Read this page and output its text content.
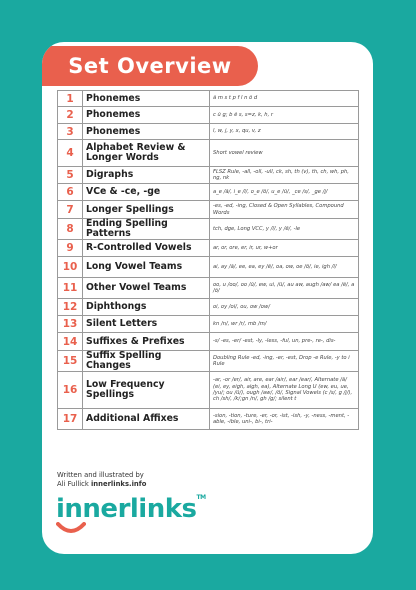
Set Overview
1	Phonemes	ă m s t p f l n ŏ d
2	Phonemes	c ŭ g; b ĕ s, s=z, k, h, r
3	Phonemes	ĭ, w, j, y, x, qu, v, z
4	Alphabet Review & Longer Words	Short vowel review
5	Digraphs	FLSZ Rule, -all, -oll, -ull, ck, sh, th (v), th, ch, wh, ph, ng, nk
6	VCe & -ce, -ge	a_e /ā/, i_e /ī/, o_e /ō/, u_e /ū/, _ce /s/, _ge /j/
7	Longer Spellings	-es, -ed, -ing, Closed & Open Syllables, Compound Words
8	Ending Spelling Patterns	tch, dge, Long VCC, y /ī/, y /ē/, -le
9	R-Controlled Vowels	ar, or, ore, er, ir, ur, w+or
10	Long Vowel Teams	ai, ay /ā/, ee, ea, ey /ē/, oa, ow, oe /ō/, ie, igh /ī/
11	Other Vowel Teams	oo, u /oo/, oo /ū/, ew, ui, /ū/, au aw, augh /aw/ ea /ĕ/, a /ŏ/
12	Diphthongs	oi, oy /oi/, ou, ow /ow/
13	Silent Letters	kn /n/, wr /r/, mb /m/
14	Suffixes & Prefixes	-s/ -es, -er/ -est, -ly, -less, -ful, un, pre-, re-, dis-
15	Suffix Spelling Changes	Doubling Rule -ed, -ing, -er, -est, Drop -e Rule, -y to i Rule
16	Low Frequency Spellings	-ar, -or /er/, air, are, ear /air/, ear /ear/, Alternate /ā/ (ei, ey, eigh, aigh, ea), Alternate Long U (ew, eu, ue, /yu/; ou /ū/), ough /aw/, /ō/, Signal Vowels (c /s/, g /j/), ch /sh/, /k/;gn /n/, gh /g/; silent t
17	Additional Affixes	-sion, -tion, -ture, -er, -or, -ist, -ish, -y, -ness, -ment, -able, -ible, uni-, bi-, tri-
Written and illustrated by
Ali Fullick innerlinks.info
innerlinks™
